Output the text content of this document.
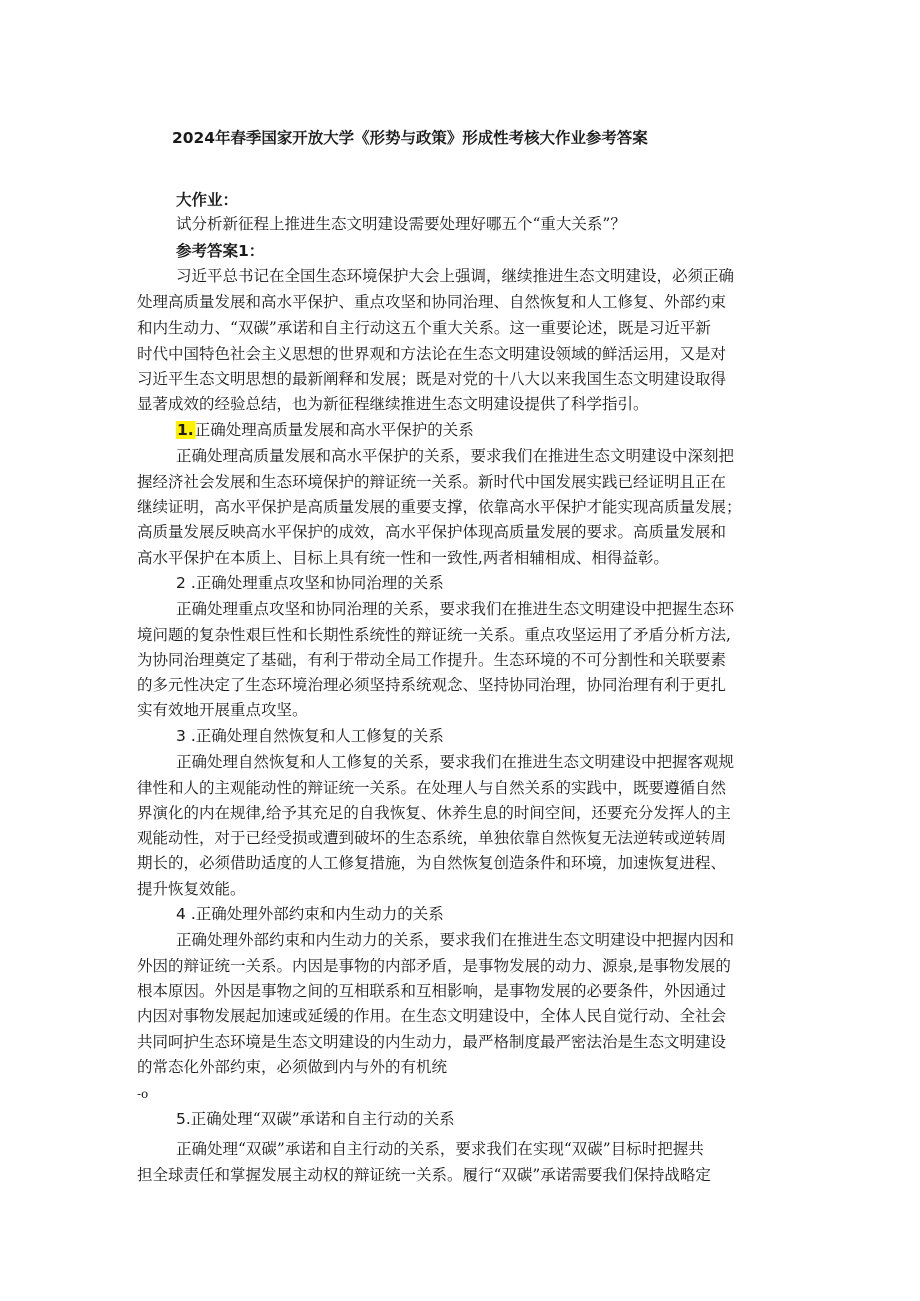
2024年春季国家开放大学《形势与政策》形成性考核大作业参考答案
大作业：
试分析新征程上推进生态文明建设需要处理好哪五个“重大关系”？
参考答案1：
习近平总书记在全国生态环境保护大会上强调，继续推进生态文明建设，必须正确
处理高质量发展和高水平保护、重点攻坚和协同治理、自然恢复和人工修复、外部约束
和内生动力、“双碳”承诺和自主行动这五个重大关系。这一重要论述，既是习近平新
时代中国特色社会主义思想的世界观和方法论在生态文明建设领域的鲜活运用，又是对
习近平生态文明思想的最新阐释和发展；既是对党的十八大以来我国生态文明建设取得
显著成效的经验总结，也为新征程继续推进生态文明建设提供了科学指引。
1.正确处理高质量发展和高水平保护的关系
正确处理高质量发展和高水平保护的关系，要求我们在推进生态文明建设中深刻把
握经济社会发展和生态环境保护的辩证统一关系。新时代中国发展实践已经证明且正在
继续证明，高水平保护是高质量发展的重要支撑，依靠高水平保护才能实现高质量发展；
高质量发展反映高水平保护的成效，高水平保护体现高质量发展的要求。高质量发展和
高水平保护在本质上、目标上具有统一性和一致性,两者相辅相成、相得益彰。
2 .正确处理重点攻坚和协同治理的关系
正确处理重点攻坚和协同治理的关系，要求我们在推进生态文明建设中把握生态环
境问题的复杂性艰巨性和长期性系统性的辩证统一关系。重点攻坚运用了矛盾分析方法,
为协同治理奠定了基础，有利于带动全局工作提升。生态环境的不可分割性和关联要素
的多元性决定了生态环境治理必须坚持系统观念、坚持协同治理，协同治理有利于更扎
实有效地开展重点攻坚。
3 .正确处理自然恢复和人工修复的关系
正确处理自然恢复和人工修复的关系，要求我们在推进生态文明建设中把握客观规
律性和人的主观能动性的辩证统一关系。在处理人与自然关系的实践中，既要遵循自然
界演化的内在规律,给予其充足的自我恢复、休养生息的时间空间，还要充分发挥人的主
观能动性，对于已经受损或遭到破坏的生态系统，单独依靠自然恢复无法逆转或逆转周
期长的，必须借助适度的人工修复措施，为自然恢复创造条件和环境，加速恢复进程、
提升恢复效能。
4 .正确处理外部约束和内生动力的关系
正确处理外部约束和内生动力的关系，要求我们在推进生态文明建设中把握内因和
外因的辩证统一关系。内因是事物的内部矛盾，是事物发展的动力、源泉,是事物发展的
根本原因。外因是事物之间的互相联系和互相影响，是事物发展的必要条件，外因通过
内因对事物发展起加速或延缓的作用。在生态文明建设中，全体人民自觉行动、全社会
共同呵护生态环境是生态文明建设的内生动力，最严格制度最严密法治是生态文明建设
的常态化外部约束，必须做到内与外的有机统
-o
5.正确处理“双碳”承诺和自主行动的关系
正确处理“双碳”承诺和自主行动的关系，要求我们在实现“双碳”目标时把握共
担全球责任和掌握发展主动权的辩证统一关系。履行“双碳”承诺需要我们保持战略定
